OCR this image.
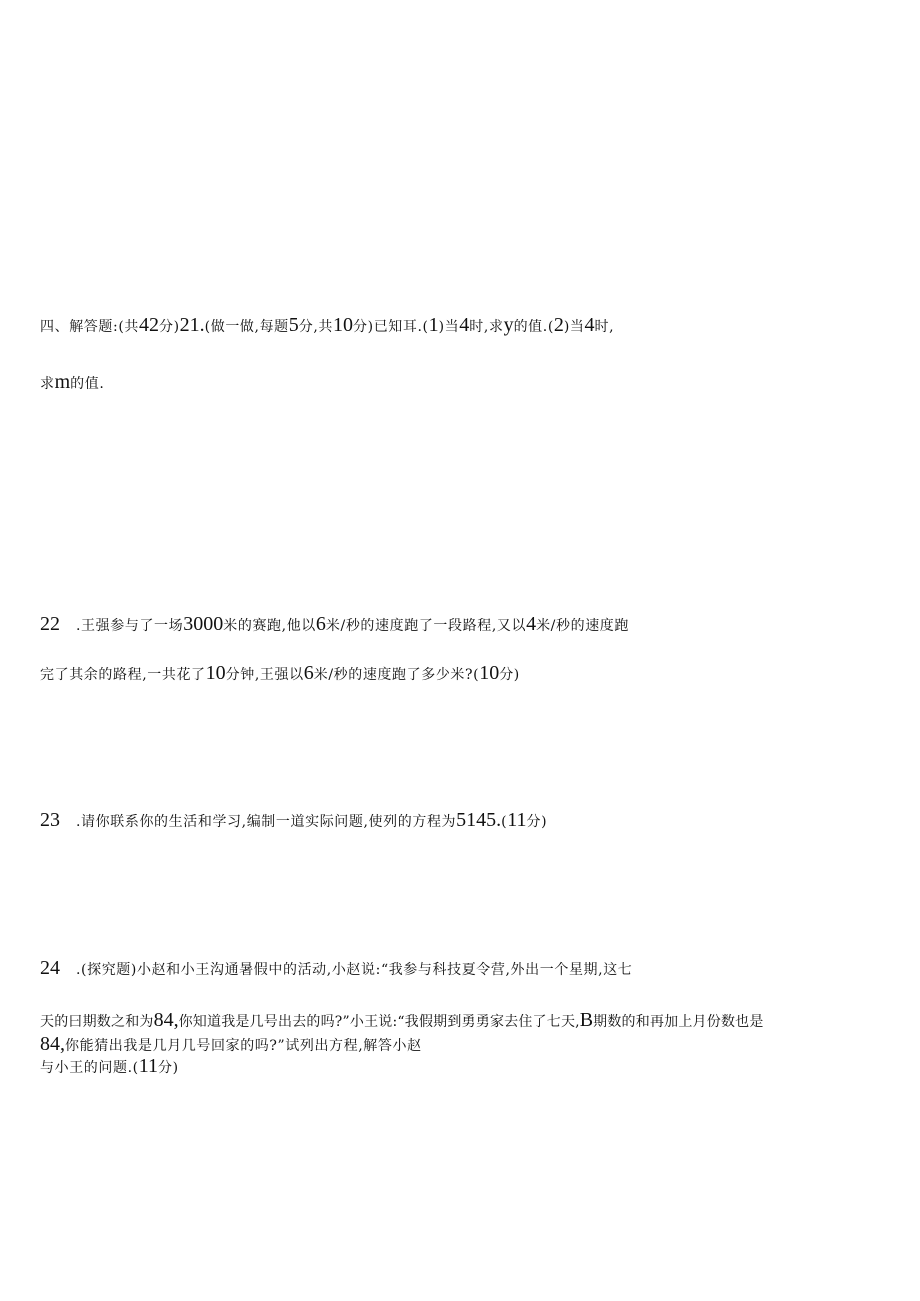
四、解答题:(共42分)21.(做一做,每题5分,共10分)已知耳.(1)当4时,求y的值.(2)当4时,
求m的值.
22 .王强参与了一场3000米的赛跑,他以6米/秒的速度跑了一段路程,又以4米/秒的速度跑
完了其余的路程,一共花了10分钟,王强以6米/秒的速度跑了多少米?(10分)
23 .请你联系你的生活和学习,编制一道实际问题,使列的方程为5145.(11分)
24 .(探究题)小赵和小王沟通暑假中的活动,小赵说:“我参与科技夏令营,外出一个星期,这七
天的曰期数之和为84,你知道我是几号出去的吗?”小王说:“我假期到勇勇家去住了七天,B期数的和再加上月份数也是
84,你能猜出我是几月几号回家的吗?”试列出方程,解答小赵
与小王的问题.(11分)
